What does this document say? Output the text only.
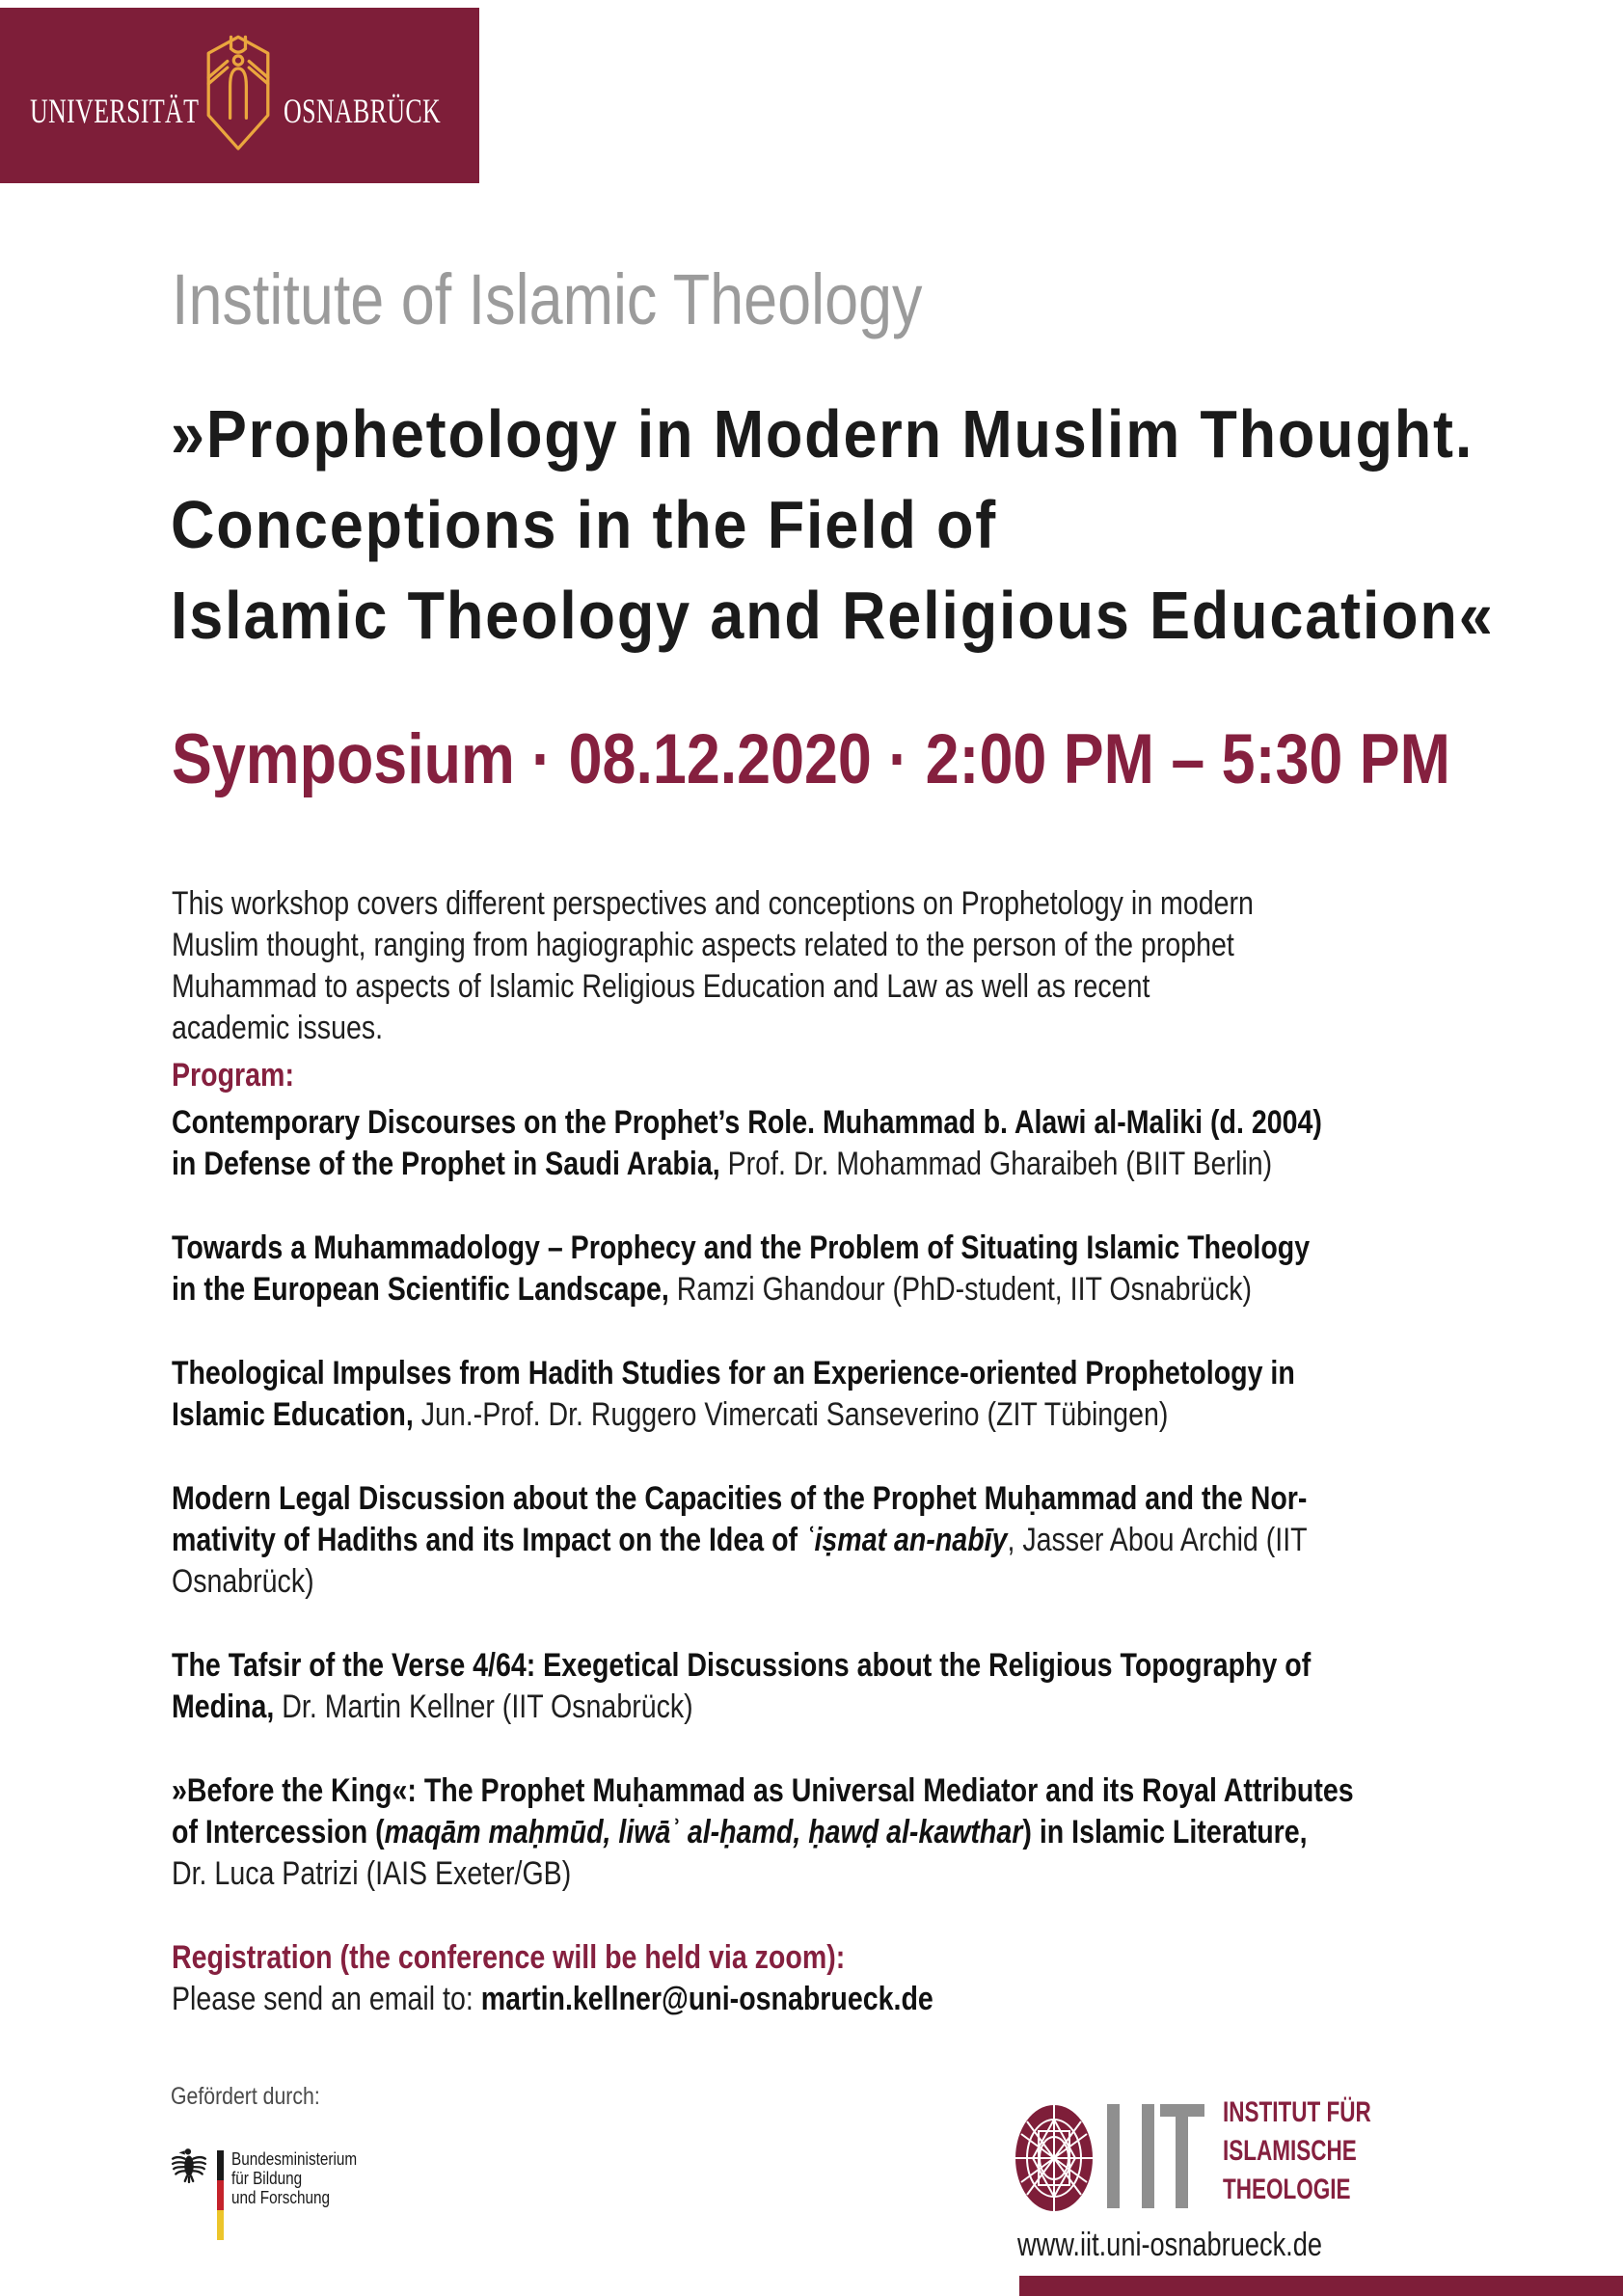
UNIVERSITÄT OSNABRÜCK
Institute of Islamic Theology
»Prophetology in Modern Muslim Thought.
Conceptions in the Field of
Islamic Theology and Religious Education«
Symposium · 08.12.2020 · 2:00 PM – 5:30 PM

This workshop covers different perspectives and conceptions on Prophetology in modern
Muslim thought, ranging from hagiographic aspects related to the person of the prophet
Muhammad to aspects of Islamic Religious Education and Law as well as recent
academic issues.

Program:
Contemporary Discourses on the Prophet’s Role. Muhammad b. Alawi al-Maliki (d. 2004)
in Defense of the Prophet in Saudi Arabia, Prof. Dr. Mohammad Gharaibeh (BIIT Berlin)
Towards a Muhammadology – Prophecy and the Problem of Situating Islamic Theology
in the European Scientific Landscape, Ramzi Ghandour (PhD-student, IIT Osnabrück)
Theological Impulses from Hadith Studies for an Experience-oriented Prophetology in
Islamic Education, Jun.-Prof. Dr. Ruggero Vimercati Sanseverino (ZIT Tübingen)
Modern Legal Discussion about the Capacities of the Prophet Muḥammad and the Nor-
mativity of Hadiths and its Impact on the Idea of ʿiṣmat an-nabīy, Jasser Abou Archid (IIT
Osnabrück)
The Tafsir of the Verse 4/64: Exegetical Discussions about the Religious Topography of
Medina, Dr. Martin Kellner (IIT Osnabrück)
»Before the King«: The Prophet Muḥammad as Universal Mediator and its Royal Attributes
of Intercession (maqām maḥmūd, liwāʾ al-ḥamd, ḥawḍ al-kawthar) in Islamic Literature,
Dr. Luca Patrizi (IAIS Exeter/GB)
Registration (the conference will be held via zoom):
Please send an email to: martin.kellner@uni-osnabrueck.de
Gefördert durch:
Bundesministerium
für Bildung
und Forschung
INSTITUT FÜR
ISLAMISCHE
THEOLOGIE
www.iit.uni-osnabrueck.de
